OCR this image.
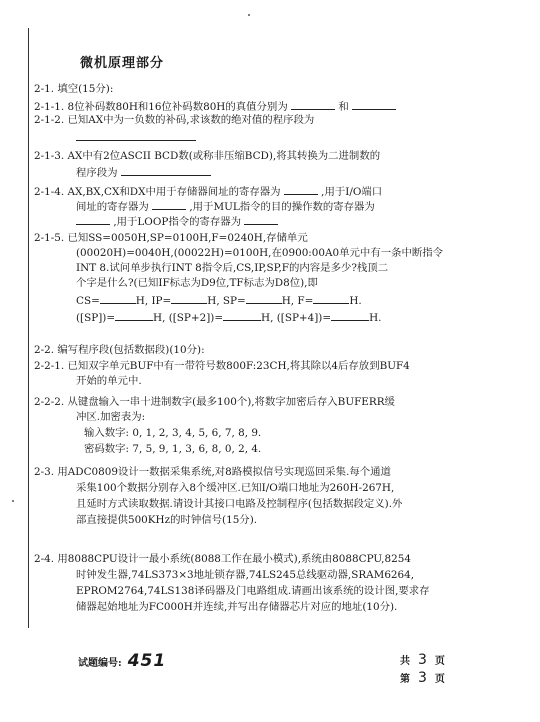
微机原理部分
2-1. 填空(15分):
2-1-1. 8位补码数80H和16位补码数80H的真值分别为	和
2-1-2. 已知AX中为一负数的补码,求该数的绝对值的程序段为
2-1-3. AX中有2位ASCII BCD数(或称非压缩BCD),将其转换为二进制数的
程序段为
2-1-4. AX,BX,CX和DX中用于存储器间址的寄存器为	,用于I/O端口
间址的寄存器为	,用于MUL指令的目的操作数的寄存器为
,用于LOOP指令的寄存器为
2-1-5. 已知SS=0050H,SP=0100H,F=0240H,存储单元
(00020H)=0040H,(00022H)=0100H,在0900:00A0单元中有一条中断指令
INT 8.试问单步执行INT 8指令后,CS,IP,SP,F的内容是多少?栈顶二
个字是什么?(已知IF标志为D9位,TF标志为D8位),即
CS=	H, IP=	H, SP=	H, F=	H.
([SP])=	H, ([SP+2])=	H, ([SP+4])=	H.
2-2. 编写程序段(包括数据段)(10分):
2-2-1. 已知双字单元BUF中有一带符号数800F:23CH,将其除以4后存放到BUF4
开始的单元中.
2-2-2. 从键盘输入一串十进制数字(最多100个),将数字加密后存入BUFERR缓
冲区.加密表为:
输入数字: 0, 1, 2, 3, 4, 5, 6, 7, 8, 9.
密码数字: 7, 5, 9, 1, 3, 6, 8, 0, 2, 4.
2-3. 用ADC0809设计一数据采集系统,对8路模拟信号实现巡回采集.每个通道
采集100个数据分别存入8个缓冲区.已知I/O端口地址为260H-267H,
且延时方式读取数据.请设计其接口电路及控制程序(包括数据段定义).外
部直接提供500KHz的时钟信号(15分).
2-4. 用8088CPU设计一最小系统(8088工作在最小模式),系统由8088CPU,8254
时钟发生器,74LS373×3地址锁存器,74LS245总线驱动器,SRAM6264,
EPROM2764,74LS138译码器及门电路组成.请画出该系统的设计图,要求存
储器起始地址为FC000H并连续,并写出存储器芯片对应的地址(10分).
试题编号: 451	共 3 页
第 3 页
